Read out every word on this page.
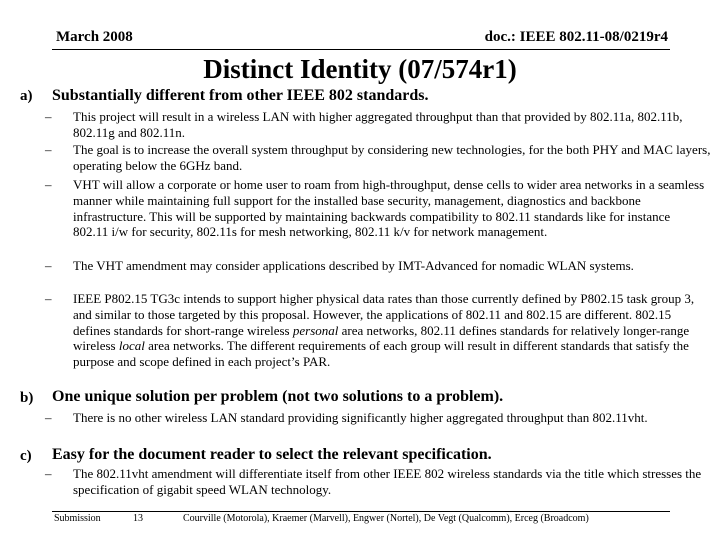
March 2008	doc.: IEEE 802.11-08/0219r4
Distinct Identity (07/574r1)
a) Substantially different from other IEEE 802 standards.
– This project will result in a wireless LAN with higher aggregated throughput than that provided by 802.11a, 802.11b, 802.11g and 802.11n.
– The goal is to increase the overall system throughput by considering new technologies, for the both PHY and MAC layers, operating below the 6GHz band.
– VHT will allow a corporate or home user to roam from high-throughput, dense cells to wider area networks in a seamless manner while maintaining full support for the installed base security, management, diagnostics and backbone infrastructure. This will be supported by maintaining backwards compatibility to 802.11 standards like for instance 802.11 i/w for security, 802.11s for mesh networking, 802.11 k/v for network management.
– The VHT amendment may consider applications described by IMT-Advanced for nomadic WLAN systems.
– IEEE P802.15 TG3c intends to support higher physical data rates than those currently defined by P802.15 task group 3, and similar to those targeted by this proposal. However, the applications of 802.11 and 802.15 are different. 802.15 defines standards for short-range wireless personal area networks, 802.11 defines standards for relatively longer-range wireless local area networks. The different requirements of each group will result in different standards that satisfy the purpose and scope defined in each project’s PAR.
b) One unique solution per problem (not two solutions to a problem).
– There is no other wireless LAN standard providing significantly higher aggregated throughput than 802.11vht.
c) Easy for the document reader to select the relevant specification.
– The 802.11vht amendment will differentiate itself from other IEEE 802 wireless standards via the title which stresses the specification of gigabit speed WLAN technology.
Submission	13	Courville (Motorola), Kraemer (Marvell), Engwer (Nortel), De Vegt (Qualcomm), Erceg (Broadcom)
